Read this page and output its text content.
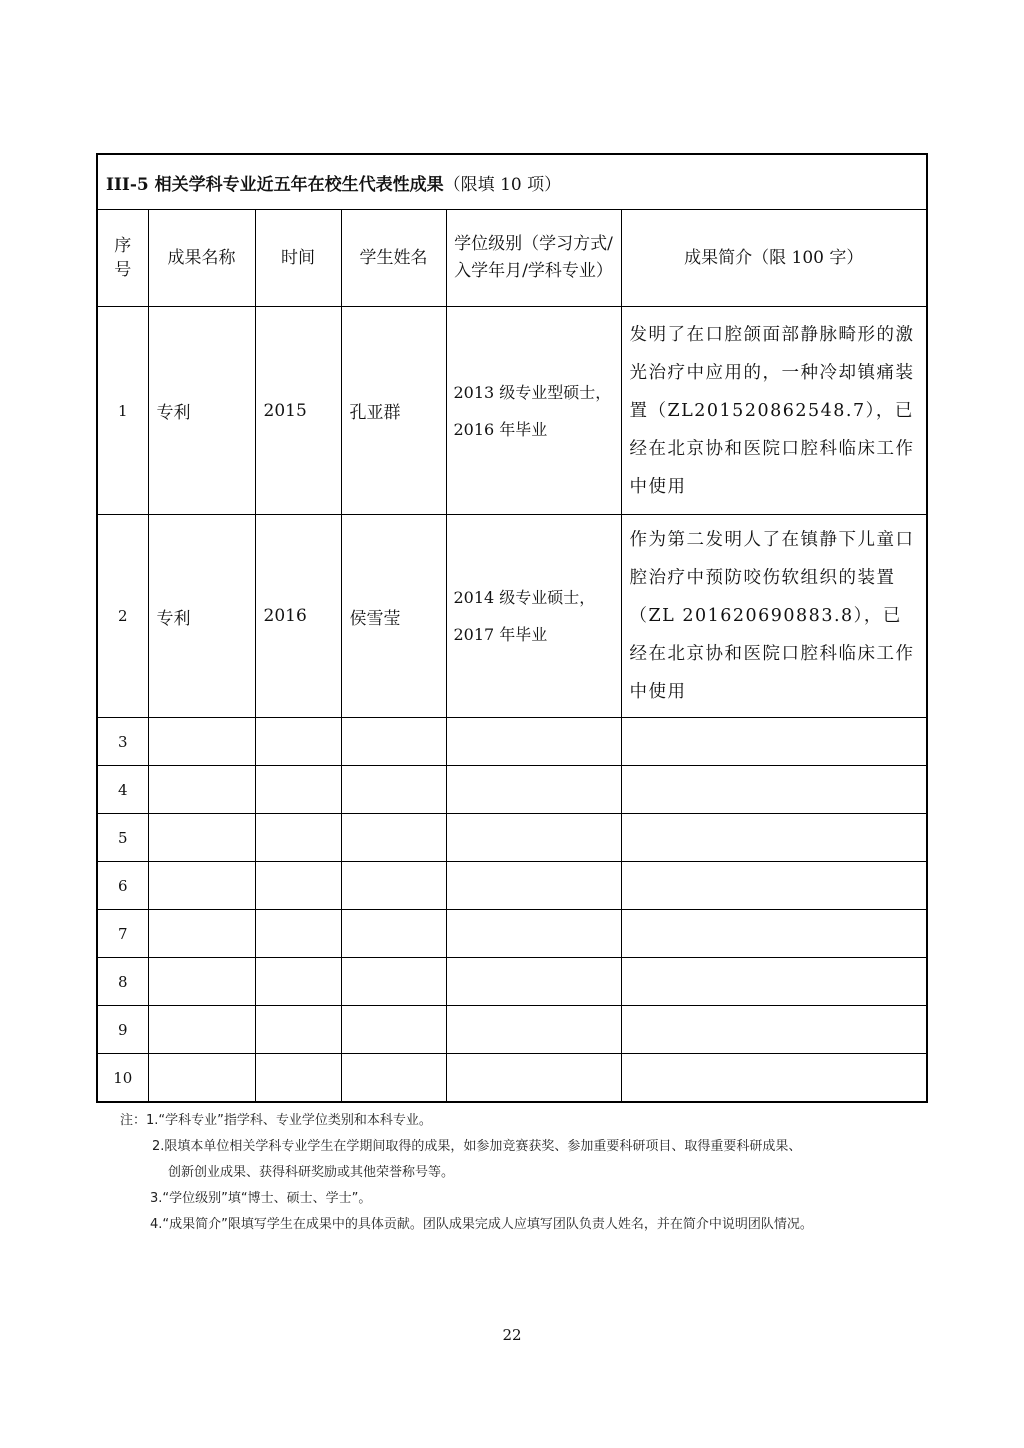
III-5 相关学科专业近五年在校生代表性成果（限填 10 项）					
序号	成果名称	时间	学生姓名	学位级别（学习方式/入学年月/学科专业）	成果简介（限 100 字）
1	专利	2015	孔亚群	2013 级专业型硕士，2016 年毕业	发明了在口腔颌面部静脉畸形的激光治疗中应用的，一种冷却镇痛装置（ZL201520862548.7），已经在北京协和医院口腔科临床工作中使用
2	专利	2016	侯雪莹	2014 级专业硕士，2017 年毕业	作为第二发明人了在镇静下儿童口腔治疗中预防咬伤软组织的装置（ZL 201620690883.8），已经在北京协和医院口腔科临床工作中使用
3					
4					
5					
6					
7					
8					
9					
10					
注：1.“学科专业”指学科、专业学位类别和本科专业。
2.限填本单位相关学科专业学生在学期间取得的成果，如参加竞赛获奖、参加重要科研项目、取得重要科研成果、
创新创业成果、获得科研奖励或其他荣誉称号等。
3.“学位级别”填“博士、硕士、学士”。
4.“成果简介”限填写学生在成果中的具体贡献。团队成果完成人应填写团队负责人姓名，并在简介中说明团队情况。
22
